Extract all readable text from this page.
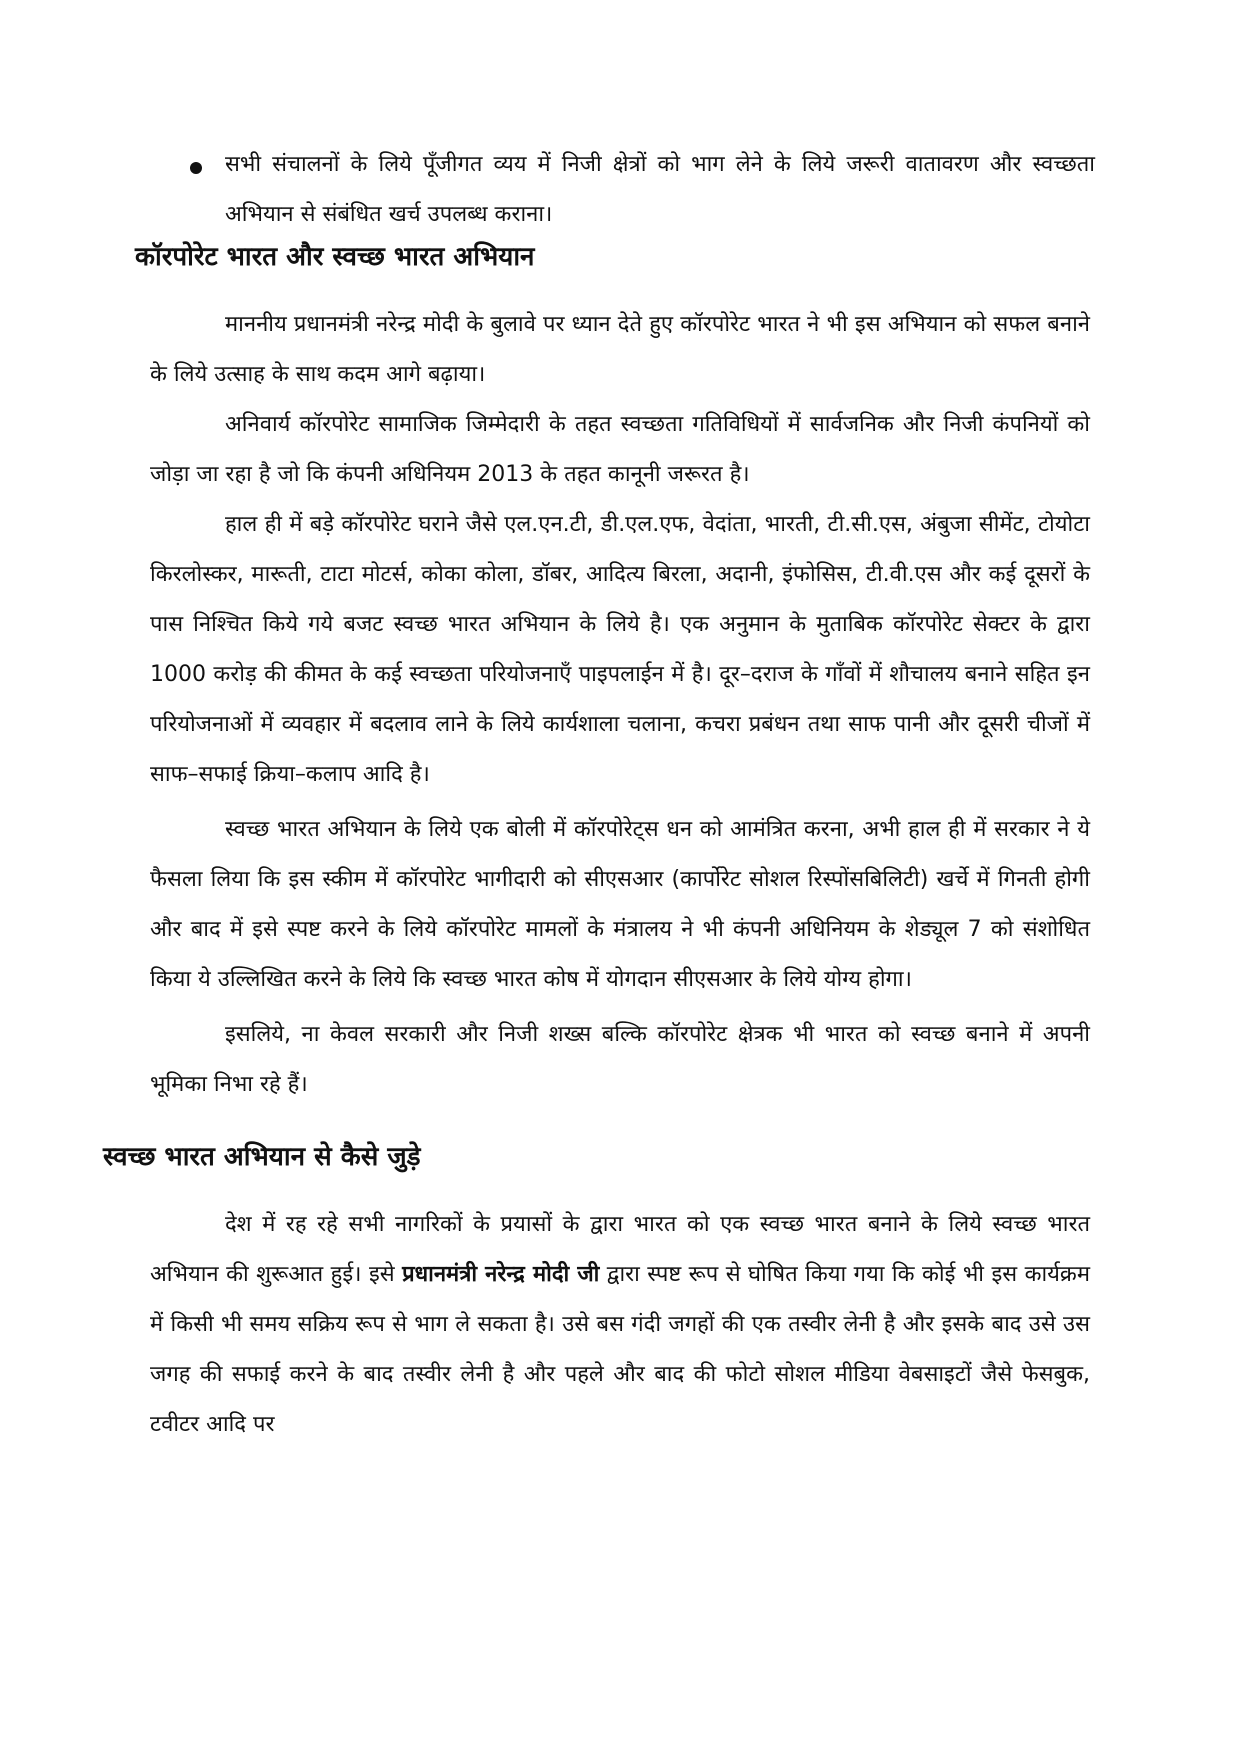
सभी संचालनों के लिये पूँजीगत व्यय में निजी क्षेत्रों को भाग लेने के लिये जरूरी वातावरण और स्वच्छता अभियान से संबंधित खर्च उपलब्ध कराना।
कॉरपोरेट भारत और स्वच्छ भारत अभियान

माननीय प्रधानमंत्री नरेन्द्र मोदी के बुलावे पर ध्यान देते हुए कॉरपोरेट भारत ने भी इस अभियान को सफल बनाने के लिये उत्साह के साथ कदम आगे बढ़ाया।

अनिवार्य कॉरपोरेट सामाजिक जिम्मेदारी के तहत स्वच्छता गतिविधियों में सार्वजनिक और निजी कंपनियों को जोड़ा जा रहा है जो कि कंपनी अधिनियम 2013 के तहत कानूनी जरूरत है।

हाल ही में बड़े कॉरपोरेट घराने जैसे एल.एन.टी, डी.एल.एफ, वेदांता, भारती, टी.सी.एस, अंबुजा सीमेंट, टोयोटा किरलोस्कर, मारूती, टाटा मोटर्स, कोका कोला, डॉबर, आदित्य बिरला, अदानी, इंफोसिस, टी.वी.एस और कई दूसरों के पास निश्चित किये गये बजट स्वच्छ भारत अभियान के लिये है। एक अनुमान के मुताबिक कॉरपोरेट सेक्टर के द्वारा 1000 करोड़ की कीमत के कई स्वच्छता परियोजनाएँ पाइपलाईन में है। दूर–दराज के गाँवों में शौचालय बनाने सहित इन परियोजनाओं में व्यवहार में बदलाव लाने के लिये कार्यशाला चलाना, कचरा प्रबंधन तथा साफ पानी और दूसरी चीजों में साफ–सफाई क्रिया–कलाप आदि है।

स्वच्छ भारत अभियान के लिये एक बोली में कॉरपोरेट्स धन को आमंत्रित करना, अभी हाल ही में सरकार ने ये फैसला लिया कि इस स्कीम में कॉरपोरेट भागीदारी को सीएसआर (कार्पोरेट सोशल रिस्पोंसबिलिटी) खर्चे में गिनती होगी और बाद में इसे स्पष्ट करने के लिये कॉरपोरेट मामलों के मंत्रालय ने भी कंपनी अधिनियम के शेड्यूल 7 को संशोधित किया ये उल्लिखित करने के लिये कि स्वच्छ भारत कोष में योगदान सीएसआर के लिये योग्य होगा।

इसलिये, ना केवल सरकारी और निजी शख्स बल्कि कॉरपोरेट क्षेत्रक भी भारत को स्वच्छ बनाने में अपनी भूमिका निभा रहे हैं।

स्वच्छ भारत अभियान से कैसे जुड़े

देश में रह रहे सभी नागरिकों के प्रयासों के द्वारा भारत को एक स्वच्छ भारत बनाने के लिये स्वच्छ भारत अभियान की शुरूआत हुई। इसे प्रधानमंत्री नरेन्द्र मोदी जी द्वारा स्पष्ट रूप से घोषित किया गया कि कोई भी इस कार्यक्रम में किसी भी समय सक्रिय रूप से भाग ले सकता है। उसे बस गंदी जगहों की एक तस्वीर लेनी है और इसके बाद उसे उस जगह की सफाई करने के बाद तस्वीर लेनी है और पहले और बाद की फोटो सोशल मीडिया वेबसाइटों जैसे फेसबुक, टवीटर आदि पर
